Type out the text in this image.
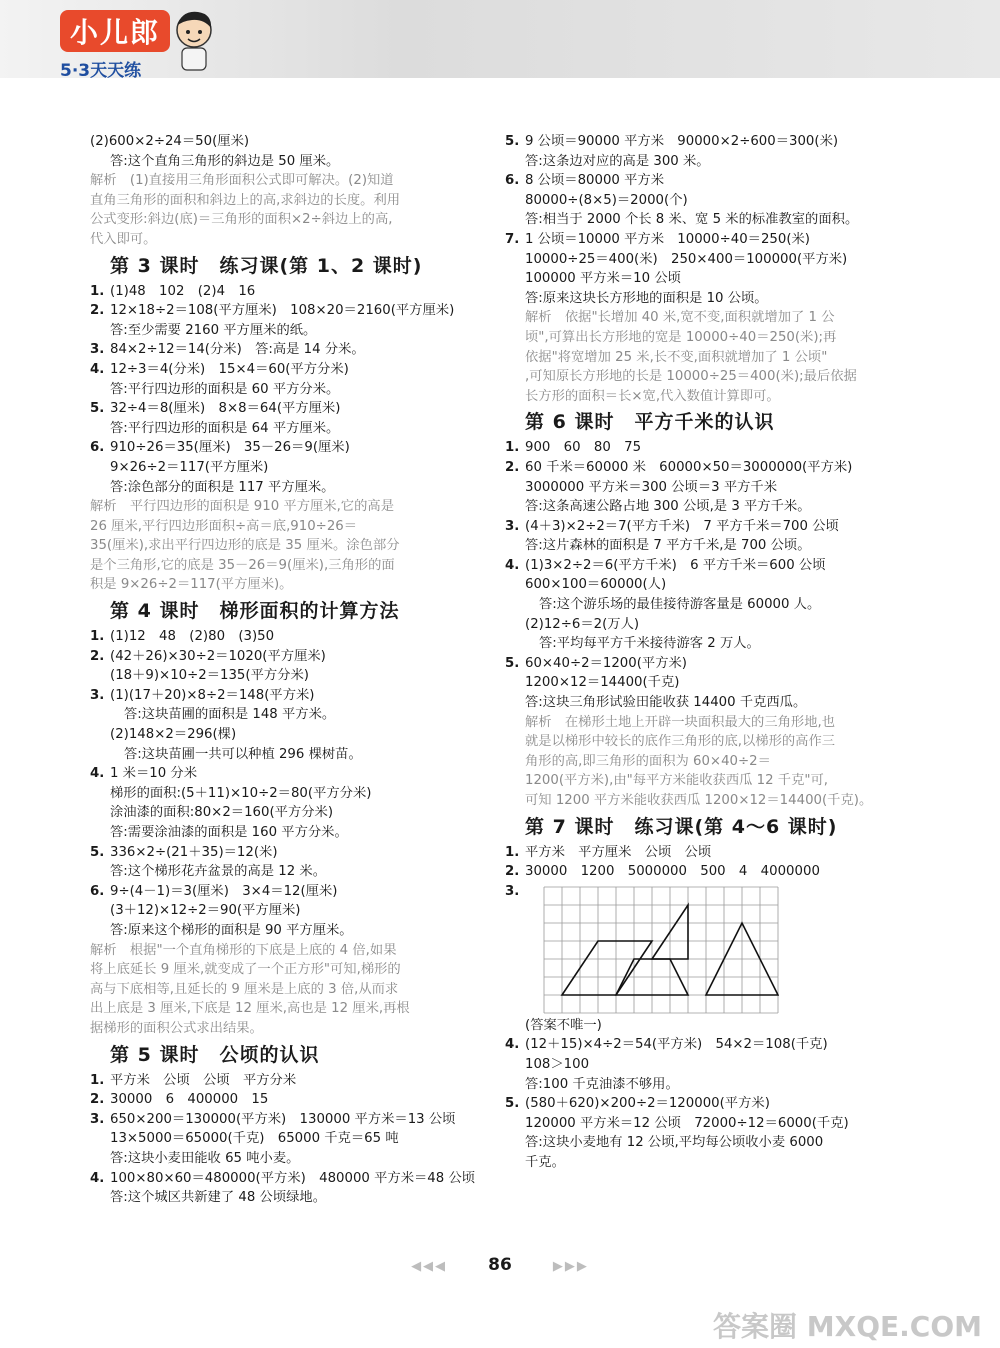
小儿郎
5·3天天练
(2)600×2÷24＝50(厘米)
答:这个直角三角形的斜边是 50 厘米。
解析　(1)直接用三角形面积公式即可解决。(2)知道
直角三角形的面积和斜边上的高,求斜边的长度。利用
公式变形:斜边(底)＝三角形的面积×2÷斜边上的高,
代入即可。
第 3 课时　练习课(第 1、2 课时)
1. (1)48　102　(2)4　16
2. 12×18÷2＝108(平方厘米)　108×20＝2160(平方厘米)
答:至少需要 2160 平方厘米的纸。
3. 84×2÷12＝14(分米)　答:高是 14 分米。
4. 12÷3＝4(分米)　15×4＝60(平方分米)
答:平行四边形的面积是 60 平方分米。
5. 32÷4＝8(厘米)　8×8＝64(平方厘米)
答:平行四边形的面积是 64 平方厘米。
6. 910÷26＝35(厘米)　35－26＝9(厘米)
9×26÷2＝117(平方厘米)
答:涂色部分的面积是 117 平方厘米。
解析　平行四边形的面积是 910 平方厘米,它的高是
26 厘米,平行四边形面积÷高＝底,910÷26＝
35(厘米),求出平行四边形的底是 35 厘米。涂色部分
是个三角形,它的底是 35－26＝9(厘米),三角形的面
积是 9×26÷2＝117(平方厘米)。
第 4 课时　梯形面积的计算方法
1. (1)12　48　(2)80　(3)50
2. (42＋26)×30÷2＝1020(平方厘米)
(18＋9)×10÷2＝135(平方分米)
3. (1)(17＋20)×8÷2＝148(平方米)
答:这块苗圃的面积是 148 平方米。
(2)148×2＝296(棵)
答:这块苗圃一共可以种植 296 棵树苗。
4. 1 米＝10 分米
梯形的面积:(5＋11)×10÷2＝80(平方分米)
涂油漆的面积:80×2＝160(平方分米)
答:需要涂油漆的面积是 160 平方分米。
5. 336×2÷(21＋35)＝12(米)
答:这个梯形花卉盆景的高是 12 米。
6. 9÷(4－1)＝3(厘米)　3×4＝12(厘米)
(3＋12)×12÷2＝90(平方厘米)
答:原来这个梯形的面积是 90 平方厘米。
解析　根据"一个直角梯形的下底是上底的 4 倍,如果
将上底延长 9 厘米,就变成了一个正方形"可知,梯形的
高与下底相等,且延长的 9 厘米是上底的 3 倍,从而求
出上底是 3 厘米,下底是 12 厘米,高也是 12 厘米,再根
据梯形的面积公式求出结果。
第 5 课时　公顷的认识
1. 平方米　公顷　公顷　平方分米
2. 30000　6　400000　15
3. 650×200＝130000(平方米)　130000 平方米＝13 公顷
13×5000＝65000(千克)　65000 千克＝65 吨
答:这块小麦田能收 65 吨小麦。
4. 100×80×60＝480000(平方米)　480000 平方米＝48 公顷
答:这个城区共新建了 48 公顷绿地。
5. 9 公顷＝90000 平方米　90000×2÷600＝300(米)
答:这条边对应的高是 300 米。
6. 8 公顷＝80000 平方米
80000÷(8×5)＝2000(个)
答:相当于 2000 个长 8 米、宽 5 米的标准教室的面积。
7. 1 公顷＝10000 平方米　10000÷40＝250(米)
10000÷25＝400(米)　250×400＝100000(平方米)
100000 平方米＝10 公顷
答:原来这块长方形地的面积是 10 公顷。
解析　依据"长增加 40 米,宽不变,面积就增加了 1 公
顷",可算出长方形地的宽是 10000÷40＝250(米);再
依据"将宽增加 25 米,长不变,面积就增加了 1 公顷"
,可知原长方形地的长是 10000÷25＝400(米);最后依据
长方形的面积＝长×宽,代入数值计算即可。
第 6 课时　平方千米的认识
1. 900　60　80　75
2. 60 千米＝60000 米　60000×50＝3000000(平方米)
3000000 平方米＝300 公顷＝3 平方千米
答:这条高速公路占地 300 公顷,是 3 平方千米。
3. (4＋3)×2÷2＝7(平方千米)　7 平方千米＝700 公顷
答:这片森林的面积是 7 平方千米,是 700 公顷。
4. (1)3×2÷2＝6(平方千米)　6 平方千米＝600 公顷
600×100＝60000(人)
答:这个游乐场的最佳接待游客量是 60000 人。
(2)12÷6＝2(万人)
答:平均每平方千米接待游客 2 万人。
5. 60×40÷2＝1200(平方米)
1200×12＝14400(千克)
答:这块三角形试验田能收获 14400 千克西瓜。
解析　在梯形土地上开辟一块面积最大的三角形地,也
就是以梯形中较长的底作三角形的底,以梯形的高作三
角形的高,即三角形的面积为 60×40÷2＝
1200(平方米),由"每平方米能收获西瓜 12 千克"可,
可知 1200 平方米能收获西瓜 1200×12＝14400(千克)。
第 7 课时　练习课(第 4～6 课时)
1. 平方米　平方厘米　公顷　公顷
2. 30000　1200　5000000　500　4　4000000
3.
(答案不唯一)
4. (12＋15)×4÷2＝54(平方米)　54×2＝108(千克)
108＞100
答:100 千克油漆不够用。
5. (580＋620)×200÷2＝120000(平方米)
120000 平方米＝12 公顷　72000÷12＝6000(千克)
答:这块小麦地有 12 公顷,平均每公顷收小麦 6000
千克。
◀◀◀ 86	▶▶▶
答案圈 MXQE.COM
